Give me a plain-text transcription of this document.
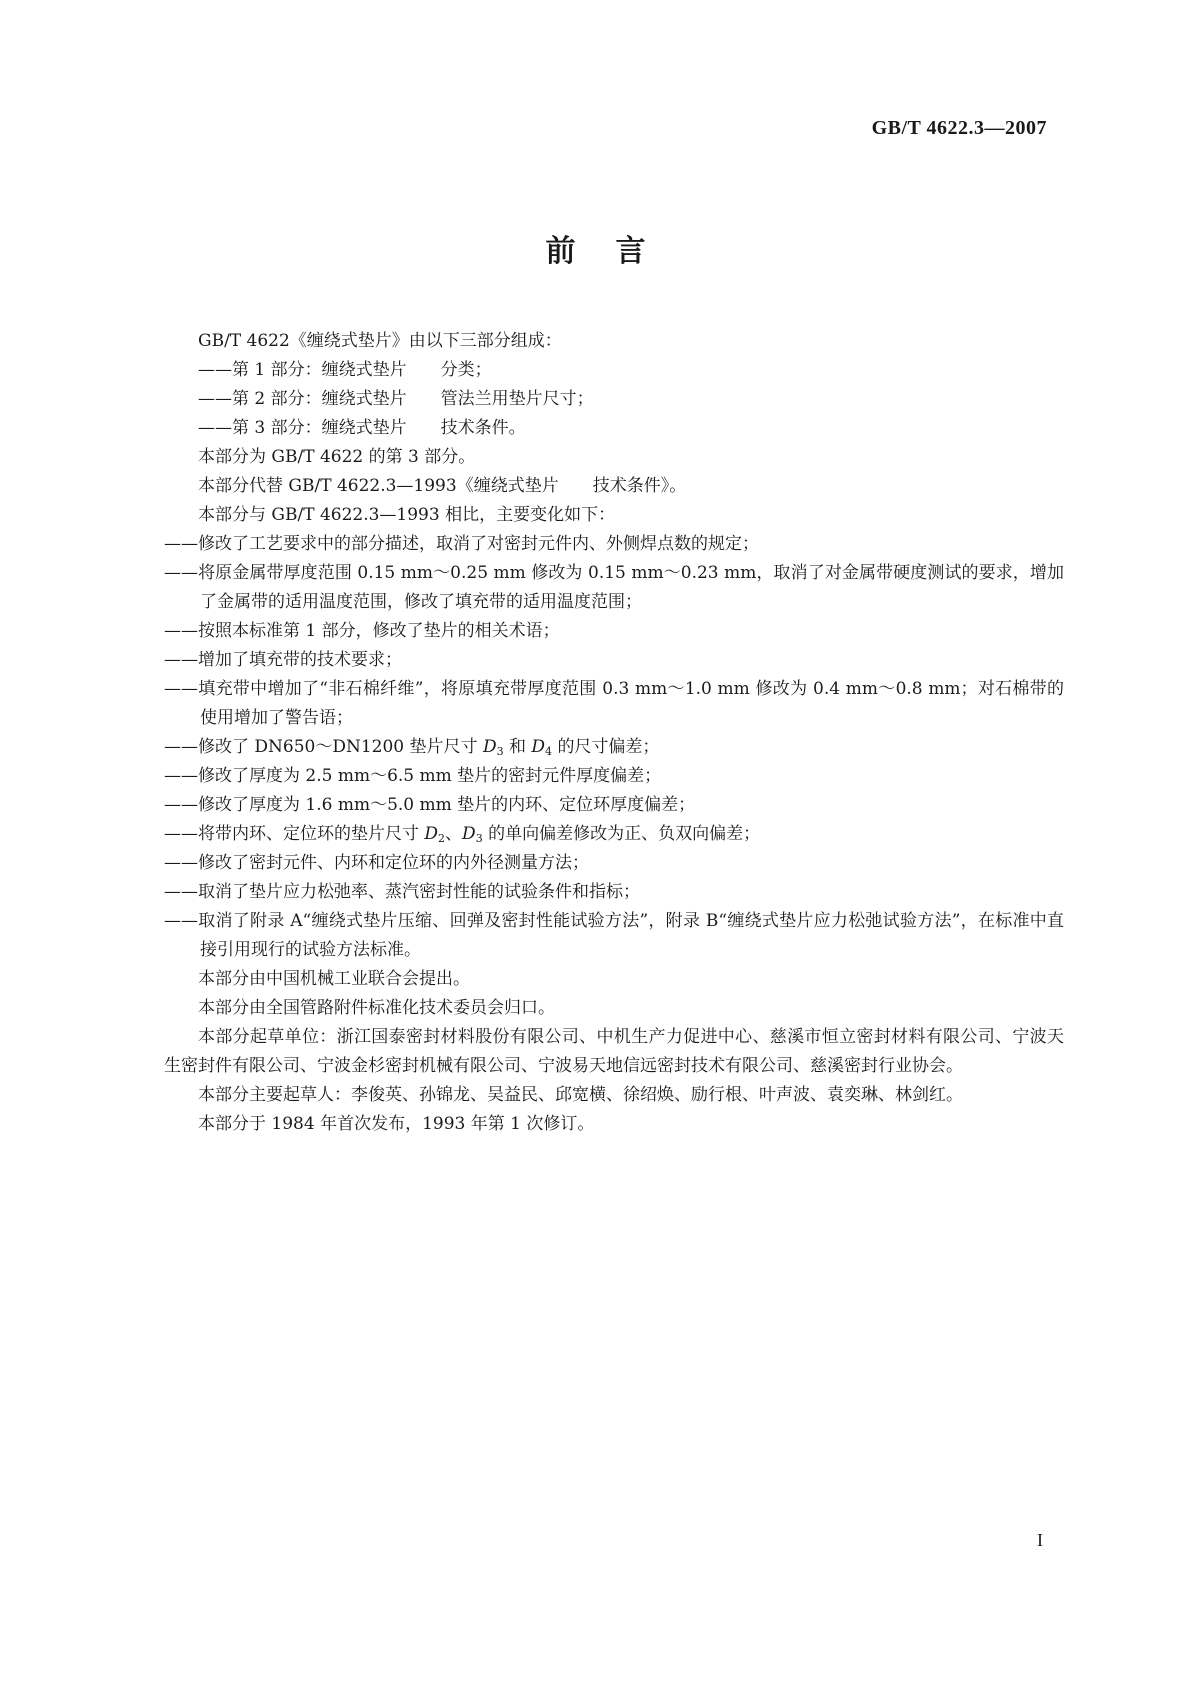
GB/T 4622.3—2007
前言

GB/T 4622《缠绕式垫片》由以下三部分组成：

——第 1 部分：缠绕式垫片 分类；

——第 2 部分：缠绕式垫片 管法兰用垫片尺寸；

——第 3 部分：缠绕式垫片 技术条件。

本部分为 GB/T 4622 的第 3 部分。

本部分代替 GB/T 4622.3—1993《缠绕式垫片 技术条件》。

本部分与 GB/T 4622.3—1993 相比，主要变化如下：

——修改了工艺要求中的部分描述，取消了对密封元件内、外侧焊点数的规定；

——将原金属带厚度范围 0.15 mm～0.25 mm 修改为 0.15 mm～0.23 mm，取消了对金属带硬度测试的要求，增加了金属带的适用温度范围，修改了填充带的适用温度范围；

——按照本标准第 1 部分，修改了垫片的相关术语；

——增加了填充带的技术要求；

——填充带中增加了“非石棉纤维”，将原填充带厚度范围 0.3 mm～1.0 mm 修改为 0.4 mm～0.8 mm；对石棉带的使用增加了警告语；

——修改了 DN650～DN1200 垫片尺寸 $D_3$ 和 $D_4$ 的尺寸偏差；

——修改了厚度为 2.5 mm～6.5 mm 垫片的密封元件厚度偏差；

——修改了厚度为 1.6 mm～5.0 mm 垫片的内环、定位环厚度偏差；

——将带内环、定位环的垫片尺寸 $D_2$、$D_3$ 的单向偏差修改为正、负双向偏差；

——修改了密封元件、内环和定位环的内外径测量方法；

——取消了垫片应力松弛率、蒸汽密封性能的试验条件和指标；

——取消了附录 A“缠绕式垫片压缩、回弹及密封性能试验方法”，附录 B“缠绕式垫片应力松弛试验方法”，在标准中直接引用现行的试验方法标准。

本部分由中国机械工业联合会提出。

本部分由全国管路附件标准化技术委员会归口。

本部分起草单位：浙江国泰密封材料股份有限公司、中机生产力促进中心、慈溪市恒立密封材料有限公司、宁波天生密封件有限公司、宁波金杉密封机械有限公司、宁波易天地信远密封技术有限公司、慈溪密封行业协会。

本部分主要起草人：李俊英、孙锦龙、吴益民、邱宽横、徐绍焕、励行根、叶声波、袁奕琳、林剑红。

本部分于 1984 年首次发布，1993 年第 1 次修订。

I
